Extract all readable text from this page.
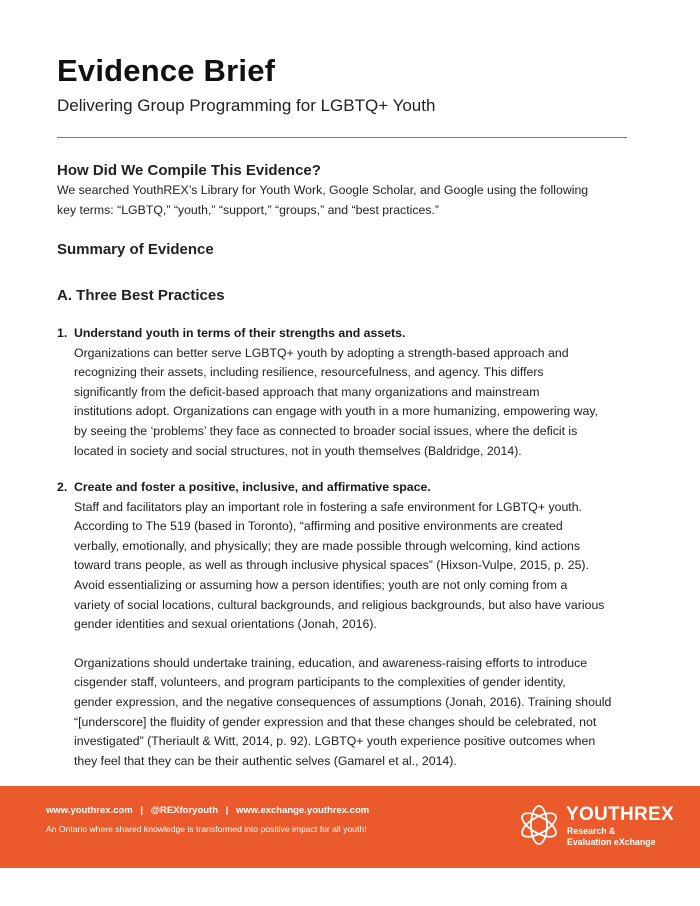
Evidence Brief
Delivering Group Programming for LGBTQ+ Youth
How Did We Compile This Evidence?

We searched YouthREX’s Library for Youth Work, Google Scholar, and Google using the following
key terms: “LGBTQ,” “youth,” “support,” “groups,” and “best practices.”

Summary of Evidence
A. Three Best Practices
1. Understand youth in terms of their strengths and assets.

Organizations can better serve LGBTQ+ youth by adopting a strength-based approach and
recognizing their assets, including resilience, resourcefulness, and agency. This differs
significantly from the deficit-based approach that many organizations and mainstream
institutions adopt. Organizations can engage with youth in a more humanizing, empowering way,
by seeing the ‘problems’ they face as connected to broader social issues, where the deficit is
located in society and social structures, not in youth themselves (Baldridge, 2014).

2. Create and foster a positive, inclusive, and affirmative space.

Staff and facilitators play an important role in fostering a safe environment for LGBTQ+ youth.
According to The 519 (based in Toronto), “affirming and positive environments are created
verbally, emotionally, and physically; they are made possible through welcoming, kind actions
toward trans people, as well as through inclusive physical spaces” (Hixson-Vulpe, 2015, p. 25).
Avoid essentializing or assuming how a person identifies; youth are not only coming from a
variety of social locations, cultural backgrounds, and religious backgrounds, but also have various
gender identities and sexual orientations (Jonah, 2016).

Organizations should undertake training, education, and awareness-raising efforts to introduce
cisgender staff, volunteers, and program participants to the complexities of gender identity,
gender expression, and the negative consequences of assumptions (Jonah, 2016). Training should
“[underscore] the fluidity of gender expression and that these changes should be celebrated, not
investigated” (Theriault & Witt, 2014, p. 92). LGBTQ+ youth experience positive outcomes when
they feel that they can be their authentic selves (Gamarel et al., 2014).

www.youthrex.com | @REXforyouth | www.exchange.youthrex.com
An Ontario where shared knowledge is transformed into positive impact for all youth!
YOUTHREX
Research &
Evaluation eXchange
